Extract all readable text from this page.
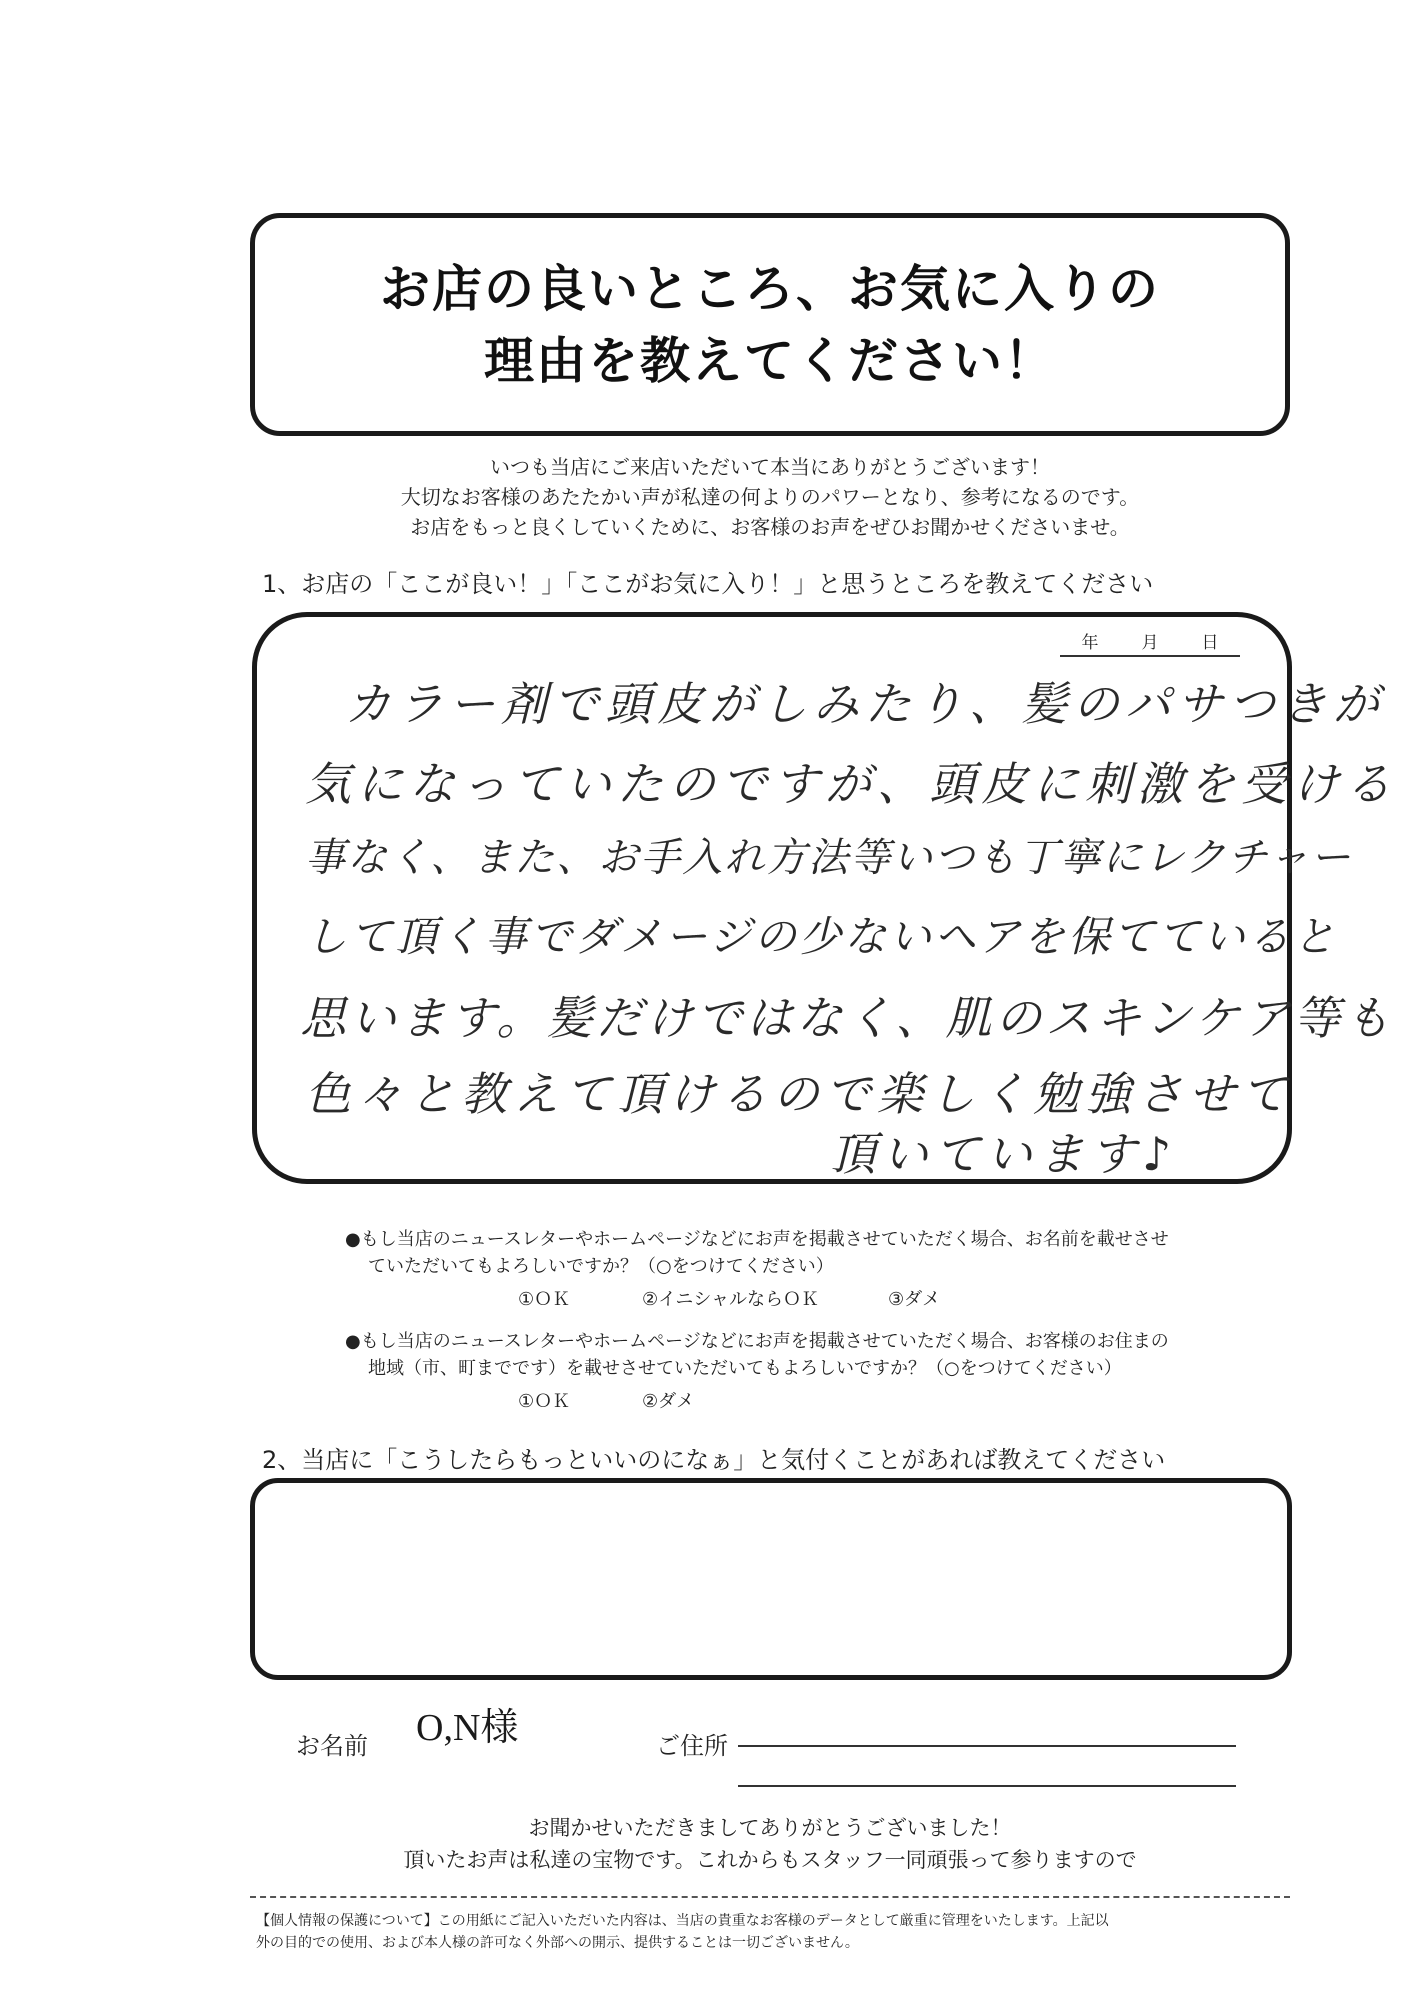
お店の良いところ、お気に入りの
理由を教えてください！
いつも当店にご来店いただいて本当にありがとうございます！
大切なお客様のあたたかい声が私達の何よりのパワーとなり、参考になるのです。
お店をもっと良くしていくために、お客様のお声をぜひお聞かせくださいませ。
1、お店の「ここが良い！」「ここがお気に入り！」と思うところを教えてください
年	月	日
カラー剤で頭皮がしみたり、髪のパサつきが
気になっていたのですが、頭皮に刺激を受ける
事なく、また、お手入れ方法等いつも丁寧にレクチャー
して頂く事でダメージの少ないヘアを保てていると
思います。髪だけではなく、肌のスキンケア等も
色々と教えて頂けるので楽しく勉強させて
頂いています♪
●もし当店のニュースレターやホームページなどにお声を掲載させていただく場合、お名前を載せさせ
ていただいてもよろしいですか？（○をつけてください）
①ＯＫ	②イニシャルならＯＫ	③ダメ
●もし当店のニュースレターやホームページなどにお声を掲載させていただく場合、お客様のお住まの
地域（市、町までです）を載せさせていただいてもよろしいですか？（○をつけてください）
①ＯＫ	②ダメ
2、当店に「こうしたらもっといいのになぁ」と気付くことがあれば教えてください
お名前 O,N様	ご住所
お聞かせいただきましてありがとうございました！
頂いたお声は私達の宝物です。これからもスタッフ一同頑張って参りますので
【個人情報の保護について】この用紙にご記入いただいた内容は、当店の貴重なお客様のデータとして厳重に管理をいたします。上記以
外の目的での使用、および本人様の許可なく外部への開示、提供することは一切ございません。
